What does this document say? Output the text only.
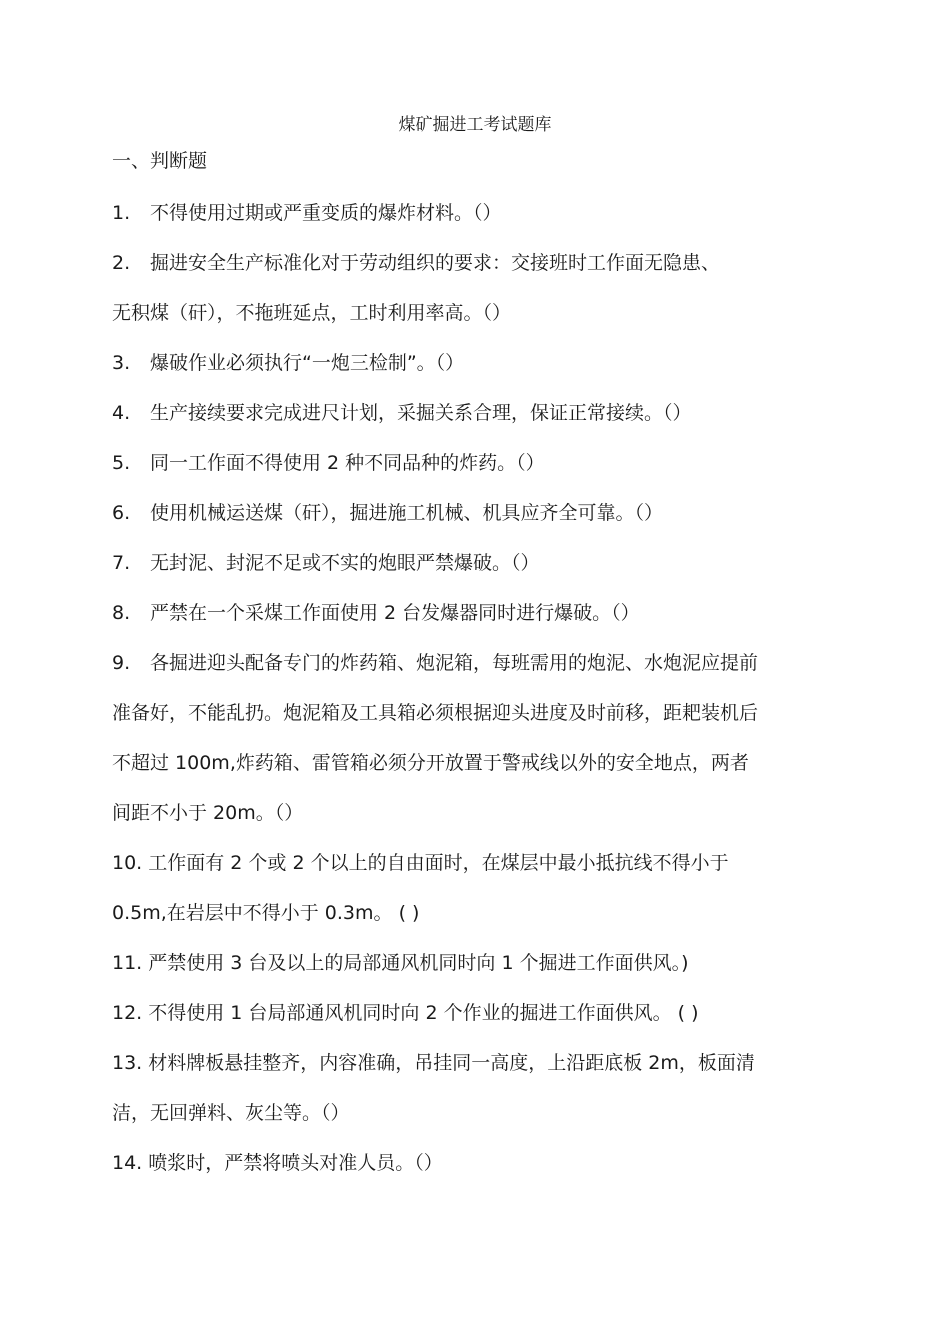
煤矿掘进工考试题库
一、判断题
1. 不得使用过期或严重变质的爆炸材料。（）
2. 掘进安全生产标准化对于劳动组织的要求：交接班时工作面无隐患、
无积煤（矸），不拖班延点，工时利用率高。（）
3. 爆破作业必须执行“一炮三检制”。（）
4. 生产接续要求完成进尺计划，采掘关系合理，保证正常接续。（）
5. 同一工作面不得使用 2 种不同品种的炸药。（）
6. 使用机械运送煤（矸），掘进施工机械、机具应齐全可靠。（）
7. 无封泥、封泥不足或不实的炮眼严禁爆破。（）
8. 严禁在一个采煤工作面使用 2 台发爆器同时进行爆破。（）
9. 各掘进迎头配备专门的炸药箱、炮泥箱，每班需用的炮泥、水炮泥应提前
准备好，不能乱扔。炮泥箱及工具箱必须根据迎头进度及时前移，距耙装机后
不超过 100m,炸药箱、雷管箱必须分开放置于警戒线以外的安全地点，两者
间距不小于 20m。（）
10. 工作面有 2 个或 2 个以上的自由面时，在煤层中最小抵抗线不得小于
0.5m,在岩层中不得小于 0.3m。 ( )
11. 严禁使用 3 台及以上的局部通风机同时向 1 个掘进工作面供风。)
12. 不得使用 1 台局部通风机同时向 2 个作业的掘进工作面供风。 ( )
13. 材料牌板悬挂整齐，内容准确，吊挂同一高度，上沿距底板 2m，板面清
洁，无回弹料、灰尘等。（）
14. 喷浆时，严禁将喷头对准人员。（）
